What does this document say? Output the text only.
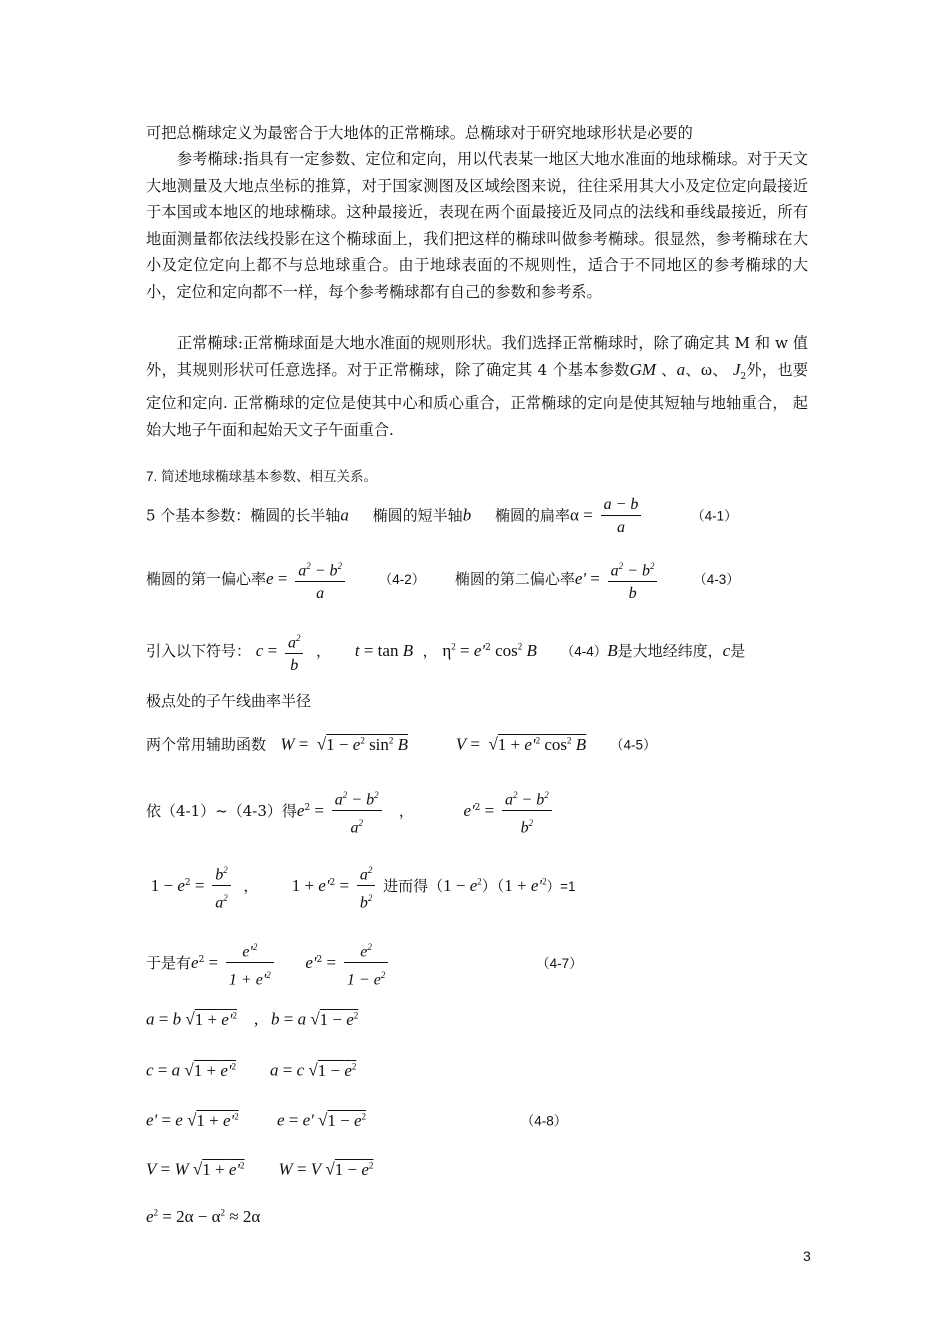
可把总椭球定义为最密合于大地体的正常椭球。总椭球对于研究地球形状是必要的
参考椭球:指具有一定参数、定位和定向，用以代表某一地区大地水准面的地球椭球。对于天文大地测量及大地点坐标的推算，对于国家测图及区域绘图来说，往往采用其大小及定位定向最接近于本国或本地区的地球椭球。这种最接近，表现在两个面最接近及同点的法线和垂线最接近，所有地面测量都依法线投影在这个椭球面上，我们把这样的椭球叫做参考椭球。很显然，参考椭球在大小及定位定向上都不与总地球重合。由于地球表面的不规则性，适合于不同地区的参考椭球的大小，定位和定向都不一样，每个参考椭球都有自己的参数和参考系。
正常椭球:正常椭球面是大地水准面的规则形状。我们选择正常椭球时，除了确定其 M 和 w 值外，其规则形状可任意选择。对于正常椭球，除了确定其 4 个基本参数GM 、a、ω、 $J_2$外，也要定位和定向. 正常椭球的定位是使其中心和质心重合，正常椭球的定向是使其短轴与地轴重合， 起始大地子午面和起始天文子午面重合.
7. 简述地球椭球基本参数、相互关系。
5 个基本参数：椭圆的长半轴a 椭圆的短半轴b 椭圆的扁率$\alpha = \frac{a - b}{a}$	（4-1）
椭圆的第一偏心率$e = \frac{a^2 - b^2}{a}$	（4-2） 椭圆的第二偏心率$e' = \frac{a^2 - b^2}{b}$	（4-3）
引入以下符号： $c = \frac{a^2}{b}$ ，     t = tan B  ， $\eta^2 = e'^2$ $\cos^2 B$ （4-4）B是大地经纬度，c是
极点处的子午线曲率半径
两个常用辅助函数 $W = √1 - e^2$ $\sin^2 B$	$V = √1 + e'^2$ $\cos^2 B$ （4-5）
依（4-1）~（4-3）得$e^2 = \frac{a^2 - b^2}{a^2}$ ，	$e'^2 = \frac{a^2 - b^2}{b^2}$
$1 - e^2 = \frac{b^2}{a^2}$ ，       $1 + e'^2 = \frac{a^2}{b^2}$ 进而得$(1 - e^2)(1 + e'^2)=1$
于是有$e^2 = \frac{e'^2}{1 + e'^2} e'^2 = \frac{e^2}{1 - e^2}$	（4-7）
a = b $√1 + e'^2$    ,   b = a $√1 - e^2$
c = a $√1 + e'^2$ a = c $√1 - e^2$
e' = e $√1 + e'^2$ e = e' $√1 - e^2$	（4-8）
V = W $√1 + e'^2$ W = V $√1 - e^2$
$e^2 = 2\alpha - \alpha^2 \approx 2\alpha$
3
